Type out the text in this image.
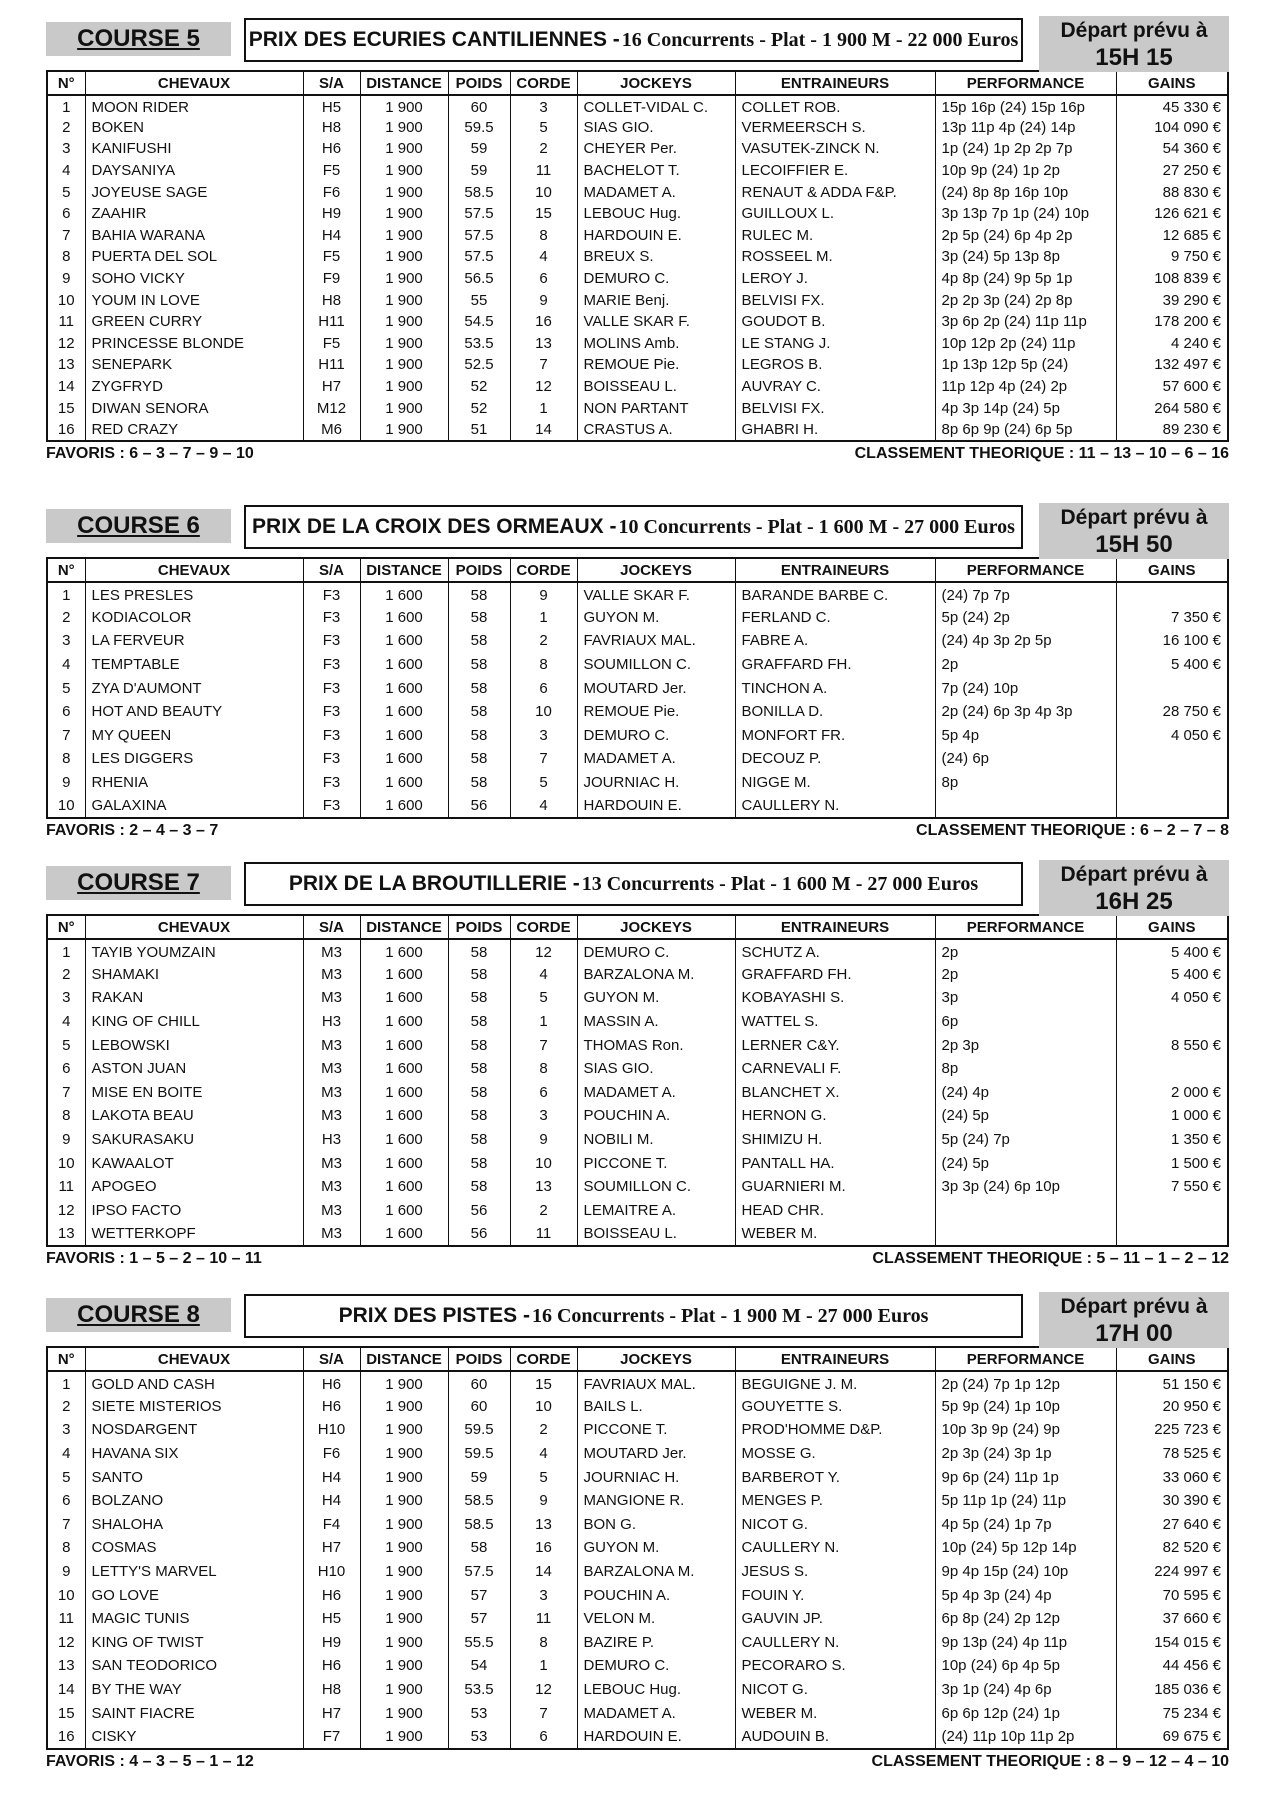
COURSE 5	PRIX DES ECURIES CANTILIENNES - 16 Concurrents - Plat - 1 900 M - 22 000 Euros	Départ prévu à
15H 15
N°	CHEVAUX	S/A	DISTANCE	POIDS	CORDE	JOCKEYS	ENTRAINEURS	PERFORMANCE	GAINS
1	MOON RIDER	H5	1 900	60	3	COLLET-VIDAL C.	COLLET ROB.	15p 16p (24) 15p 16p	45 330 €
2	BOKEN	H8	1 900	59.5	5	SIAS GIO.	VERMEERSCH S.	13p 11p 4p (24) 14p	104 090 €
3	KANIFUSHI	H6	1 900	59	2	CHEYER Per.	VASUTEK-ZINCK N.	1p (24) 1p 2p 2p 7p	54 360 €
4	DAYSANIYA	F5	1 900	59	11	BACHELOT T.	LECOIFFIER E.	10p 9p (24) 1p 2p	27 250 €
5	JOYEUSE SAGE	F6	1 900	58.5	10	MADAMET A.	RENAUT & ADDA F&P.	(24) 8p 8p 16p 10p	88 830 €
6	ZAAHIR	H9	1 900	57.5	15	LEBOUC Hug.	GUILLOUX L.	3p 13p 7p 1p (24) 10p	126 621 €
7	BAHIA WARANA	H4	1 900	57.5	8	HARDOUIN E.	RULEC M.	2p 5p (24) 6p 4p 2p	12 685 €
8	PUERTA DEL SOL	F5	1 900	57.5	4	BREUX S.	ROSSEEL M.	3p (24) 5p 13p 8p	9 750 €
9	SOHO VICKY	F9	1 900	56.5	6	DEMURO C.	LEROY J.	4p 8p (24) 9p 5p 1p	108 839 €
10	YOUM IN LOVE	H8	1 900	55	9	MARIE Benj.	BELVISI FX.	2p 2p 3p (24) 2p 8p	39 290 €
11	GREEN CURRY	H11	1 900	54.5	16	VALLE SKAR F.	GOUDOT B.	3p 6p 2p (24) 11p 11p	178 200 €
12	PRINCESSE BLONDE	F5	1 900	53.5	13	MOLINS Amb.	LE STANG J.	10p 12p 2p (24) 11p	4 240 €
13	SENEPARK	H11	1 900	52.5	7	REMOUE Pie.	LEGROS B.	1p 13p 12p 5p (24)	132 497 €
14	ZYGFRYD	H7	1 900	52	12	BOISSEAU L.	AUVRAY C.	11p 12p 4p (24) 2p	57 600 €
15	DIWAN SENORA	M12	1 900	52	1	NON PARTANT	BELVISI FX.	4p 3p 14p (24) 5p	264 580 €
16	RED CRAZY	M6	1 900	51	14	CRASTUS A.	GHABRI H.	8p 6p 9p (24) 6p 5p	89 230 €
FAVORIS : 6 – 3 – 7 – 9 – 10	CLASSEMENT THEORIQUE : 11 – 13 – 10 – 6 – 16
COURSE 6	PRIX DE LA CROIX DES ORMEAUX - 10 Concurrents - Plat - 1 600 M - 27 000 Euros	Départ prévu à
15H 50
N°	CHEVAUX	S/A	DISTANCE	POIDS	CORDE	JOCKEYS	ENTRAINEURS	PERFORMANCE	GAINS
1	LES PRESLES	F3	1 600	58	9	VALLE SKAR F.	BARANDE BARBE C.	(24) 7p 7p	
2	KODIACOLOR	F3	1 600	58	1	GUYON M.	FERLAND C.	5p (24) 2p	7 350 €
3	LA FERVEUR	F3	1 600	58	2	FAVRIAUX MAL.	FABRE A.	(24) 4p 3p 2p 5p	16 100 €
4	TEMPTABLE	F3	1 600	58	8	SOUMILLON C.	GRAFFARD FH.	2p	5 400 €
5	ZYA D'AUMONT	F3	1 600	58	6	MOUTARD Jer.	TINCHON A.	7p (24) 10p	
6	HOT AND BEAUTY	F3	1 600	58	10	REMOUE Pie.	BONILLA D.	2p (24) 6p 3p 4p 3p	28 750 €
7	MY QUEEN	F3	1 600	58	3	DEMURO C.	MONFORT FR.	5p 4p	4 050 €
8	LES DIGGERS	F3	1 600	58	7	MADAMET A.	DECOUZ P.	(24) 6p	
9	RHENIA	F3	1 600	58	5	JOURNIAC H.	NIGGE M.	8p	
10	GALAXINA	F3	1 600	56	4	HARDOUIN E.	CAULLERY N.		
FAVORIS : 2 – 4 – 3 – 7	CLASSEMENT THEORIQUE : 6 – 2 – 7 – 8
COURSE 7	PRIX DE LA BROUTILLERIE - 13 Concurrents - Plat - 1 600 M - 27 000 Euros	Départ prévu à
16H 25
N°	CHEVAUX	S/A	DISTANCE	POIDS	CORDE	JOCKEYS	ENTRAINEURS	PERFORMANCE	GAINS
1	TAYIB YOUMZAIN	M3	1 600	58	12	DEMURO C.	SCHUTZ A.	2p	5 400 €
2	SHAMAKI	M3	1 600	58	4	BARZALONA M.	GRAFFARD FH.	2p	5 400 €
3	RAKAN	M3	1 600	58	5	GUYON M.	KOBAYASHI S.	3p	4 050 €
4	KING OF CHILL	H3	1 600	58	1	MASSIN A.	WATTEL S.	6p	
5	LEBOWSKI	M3	1 600	58	7	THOMAS Ron.	LERNER C&Y.	2p 3p	8 550 €
6	ASTON JUAN	M3	1 600	58	8	SIAS GIO.	CARNEVALI F.	8p	
7	MISE EN BOITE	M3	1 600	58	6	MADAMET A.	BLANCHET X.	(24) 4p	2 000 €
8	LAKOTA BEAU	M3	1 600	58	3	POUCHIN A.	HERNON G.	(24) 5p	1 000 €
9	SAKURASAKU	H3	1 600	58	9	NOBILI M.	SHIMIZU H.	5p (24) 7p	1 350 €
10	KAWAALOT	M3	1 600	58	10	PICCONE T.	PANTALL HA.	(24) 5p	1 500 €
11	APOGEO	M3	1 600	58	13	SOUMILLON C.	GUARNIERI M.	3p 3p (24) 6p 10p	7 550 €
12	IPSO FACTO	M3	1 600	56	2	LEMAITRE A.	HEAD CHR.		
13	WETTERKOPF	M3	1 600	56	11	BOISSEAU L.	WEBER M.		
FAVORIS : 1 – 5 – 2 – 10 – 11	CLASSEMENT THEORIQUE : 5 – 11 – 1 – 2 – 12
COURSE 8	PRIX DES PISTES - 16 Concurrents - Plat - 1 900 M - 27 000 Euros	Départ prévu à
17H 00
N°	CHEVAUX	S/A	DISTANCE	POIDS	CORDE	JOCKEYS	ENTRAINEURS	PERFORMANCE	GAINS
1	GOLD AND CASH	H6	1 900	60	15	FAVRIAUX MAL.	BEGUIGNE J. M.	2p (24) 7p 1p 12p	51 150 €
2	SIETE MISTERIOS	H6	1 900	60	10	BAILS L.	GOUYETTE S.	5p 9p (24) 1p 10p	20 950 €
3	NOSDARGENT	H10	1 900	59.5	2	PICCONE T.	PROD'HOMME D&P.	10p 3p 9p (24) 9p	225 723 €
4	HAVANA SIX	F6	1 900	59.5	4	MOUTARD Jer.	MOSSE G.	2p 3p (24) 3p 1p	78 525 €
5	SANTO	H4	1 900	59	5	JOURNIAC H.	BARBEROT Y.	9p 6p (24) 11p 1p	33 060 €
6	BOLZANO	H4	1 900	58.5	9	MANGIONE R.	MENGES P.	5p 11p 1p (24) 11p	30 390 €
7	SHALOHA	F4	1 900	58.5	13	BON G.	NICOT G.	4p 5p (24) 1p 7p	27 640 €
8	COSMAS	H7	1 900	58	16	GUYON M.	CAULLERY N.	10p (24) 5p 12p 14p	82 520 €
9	LETTY'S MARVEL	H10	1 900	57.5	14	BARZALONA M.	JESUS S.	9p 4p 15p (24) 10p	224 997 €
10	GO LOVE	H6	1 900	57	3	POUCHIN A.	FOUIN Y.	5p 4p 3p (24) 4p	70 595 €
11	MAGIC TUNIS	H5	1 900	57	11	VELON M.	GAUVIN JP.	6p 8p (24) 2p 12p	37 660 €
12	KING OF TWIST	H9	1 900	55.5	8	BAZIRE P.	CAULLERY N.	9p 13p (24) 4p 11p	154 015 €
13	SAN TEODORICO	H6	1 900	54	1	DEMURO C.	PECORARO S.	10p (24) 6p 4p 5p	44 456 €
14	BY THE WAY	H8	1 900	53.5	12	LEBOUC Hug.	NICOT G.	3p 1p (24) 4p 6p	185 036 €
15	SAINT FIACRE	H7	1 900	53	7	MADAMET A.	WEBER M.	6p 6p 12p (24) 1p	75 234 €
16	CISKY	F7	1 900	53	6	HARDOUIN E.	AUDOUIN B.	(24) 11p 10p 11p 2p	69 675 €
FAVORIS : 4 – 3 – 5 – 1 – 12	CLASSEMENT THEORIQUE : 8 – 9 – 12 – 4 – 10
